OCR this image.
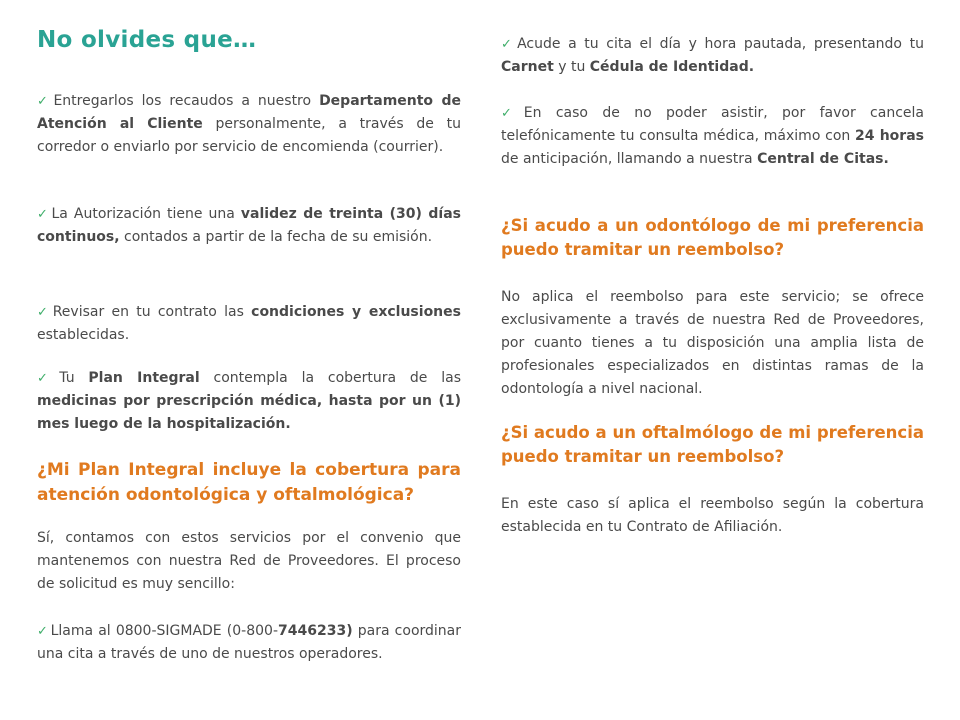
No olvides que…

✓ Entregarlos los recaudos a nuestro Departamento de Atención al Cliente personalmente, a través de tu corredor o enviarlo por servicio de encomienda (courrier).

✓ La Autorización tiene una validez de treinta (30) días continuos, contados a partir de la fecha de su emisión.

✓ Revisar en tu contrato las condiciones y exclusiones establecidas.

✓ Tu Plan Integral contempla la cobertura de las medicinas por prescripción médica, hasta por un (1) mes luego de la hospitalización.

¿Mi Plan Integral incluye la cobertura para atención odontológica y oftalmológica?

Sí, contamos con estos servicios por el convenio que mantenemos con nuestra Red de Proveedores. El proceso de solicitud es muy sencillo:

✓ Llama al 0800-SIGMADE (0-800-7446233) para coordinar una cita a través de uno de nuestros operadores.

✓ Acude a tu cita el día y hora pautada, presentando tu Carnet y tu Cédula de Identidad.

✓ En caso de no poder asistir, por favor cancela telefónicamente tu consulta médica, máximo con 24 horas de anticipación, llamando a nuestra Central de Citas.

¿Si acudo a un odontólogo de mi preferencia puedo tramitar un reembolso?

No aplica el reembolso para este servicio; se ofrece exclusivamente a través de nuestra Red de Proveedores, por cuanto tienes a tu disposición una amplia lista de profesionales especializados en distintas ramas de la odontología a nivel nacional.

¿Si acudo a un oftalmólogo de mi preferencia puedo tramitar un reembolso?

En este caso sí aplica el reembolso según la cobertura establecida en tu Contrato de Afiliación.
